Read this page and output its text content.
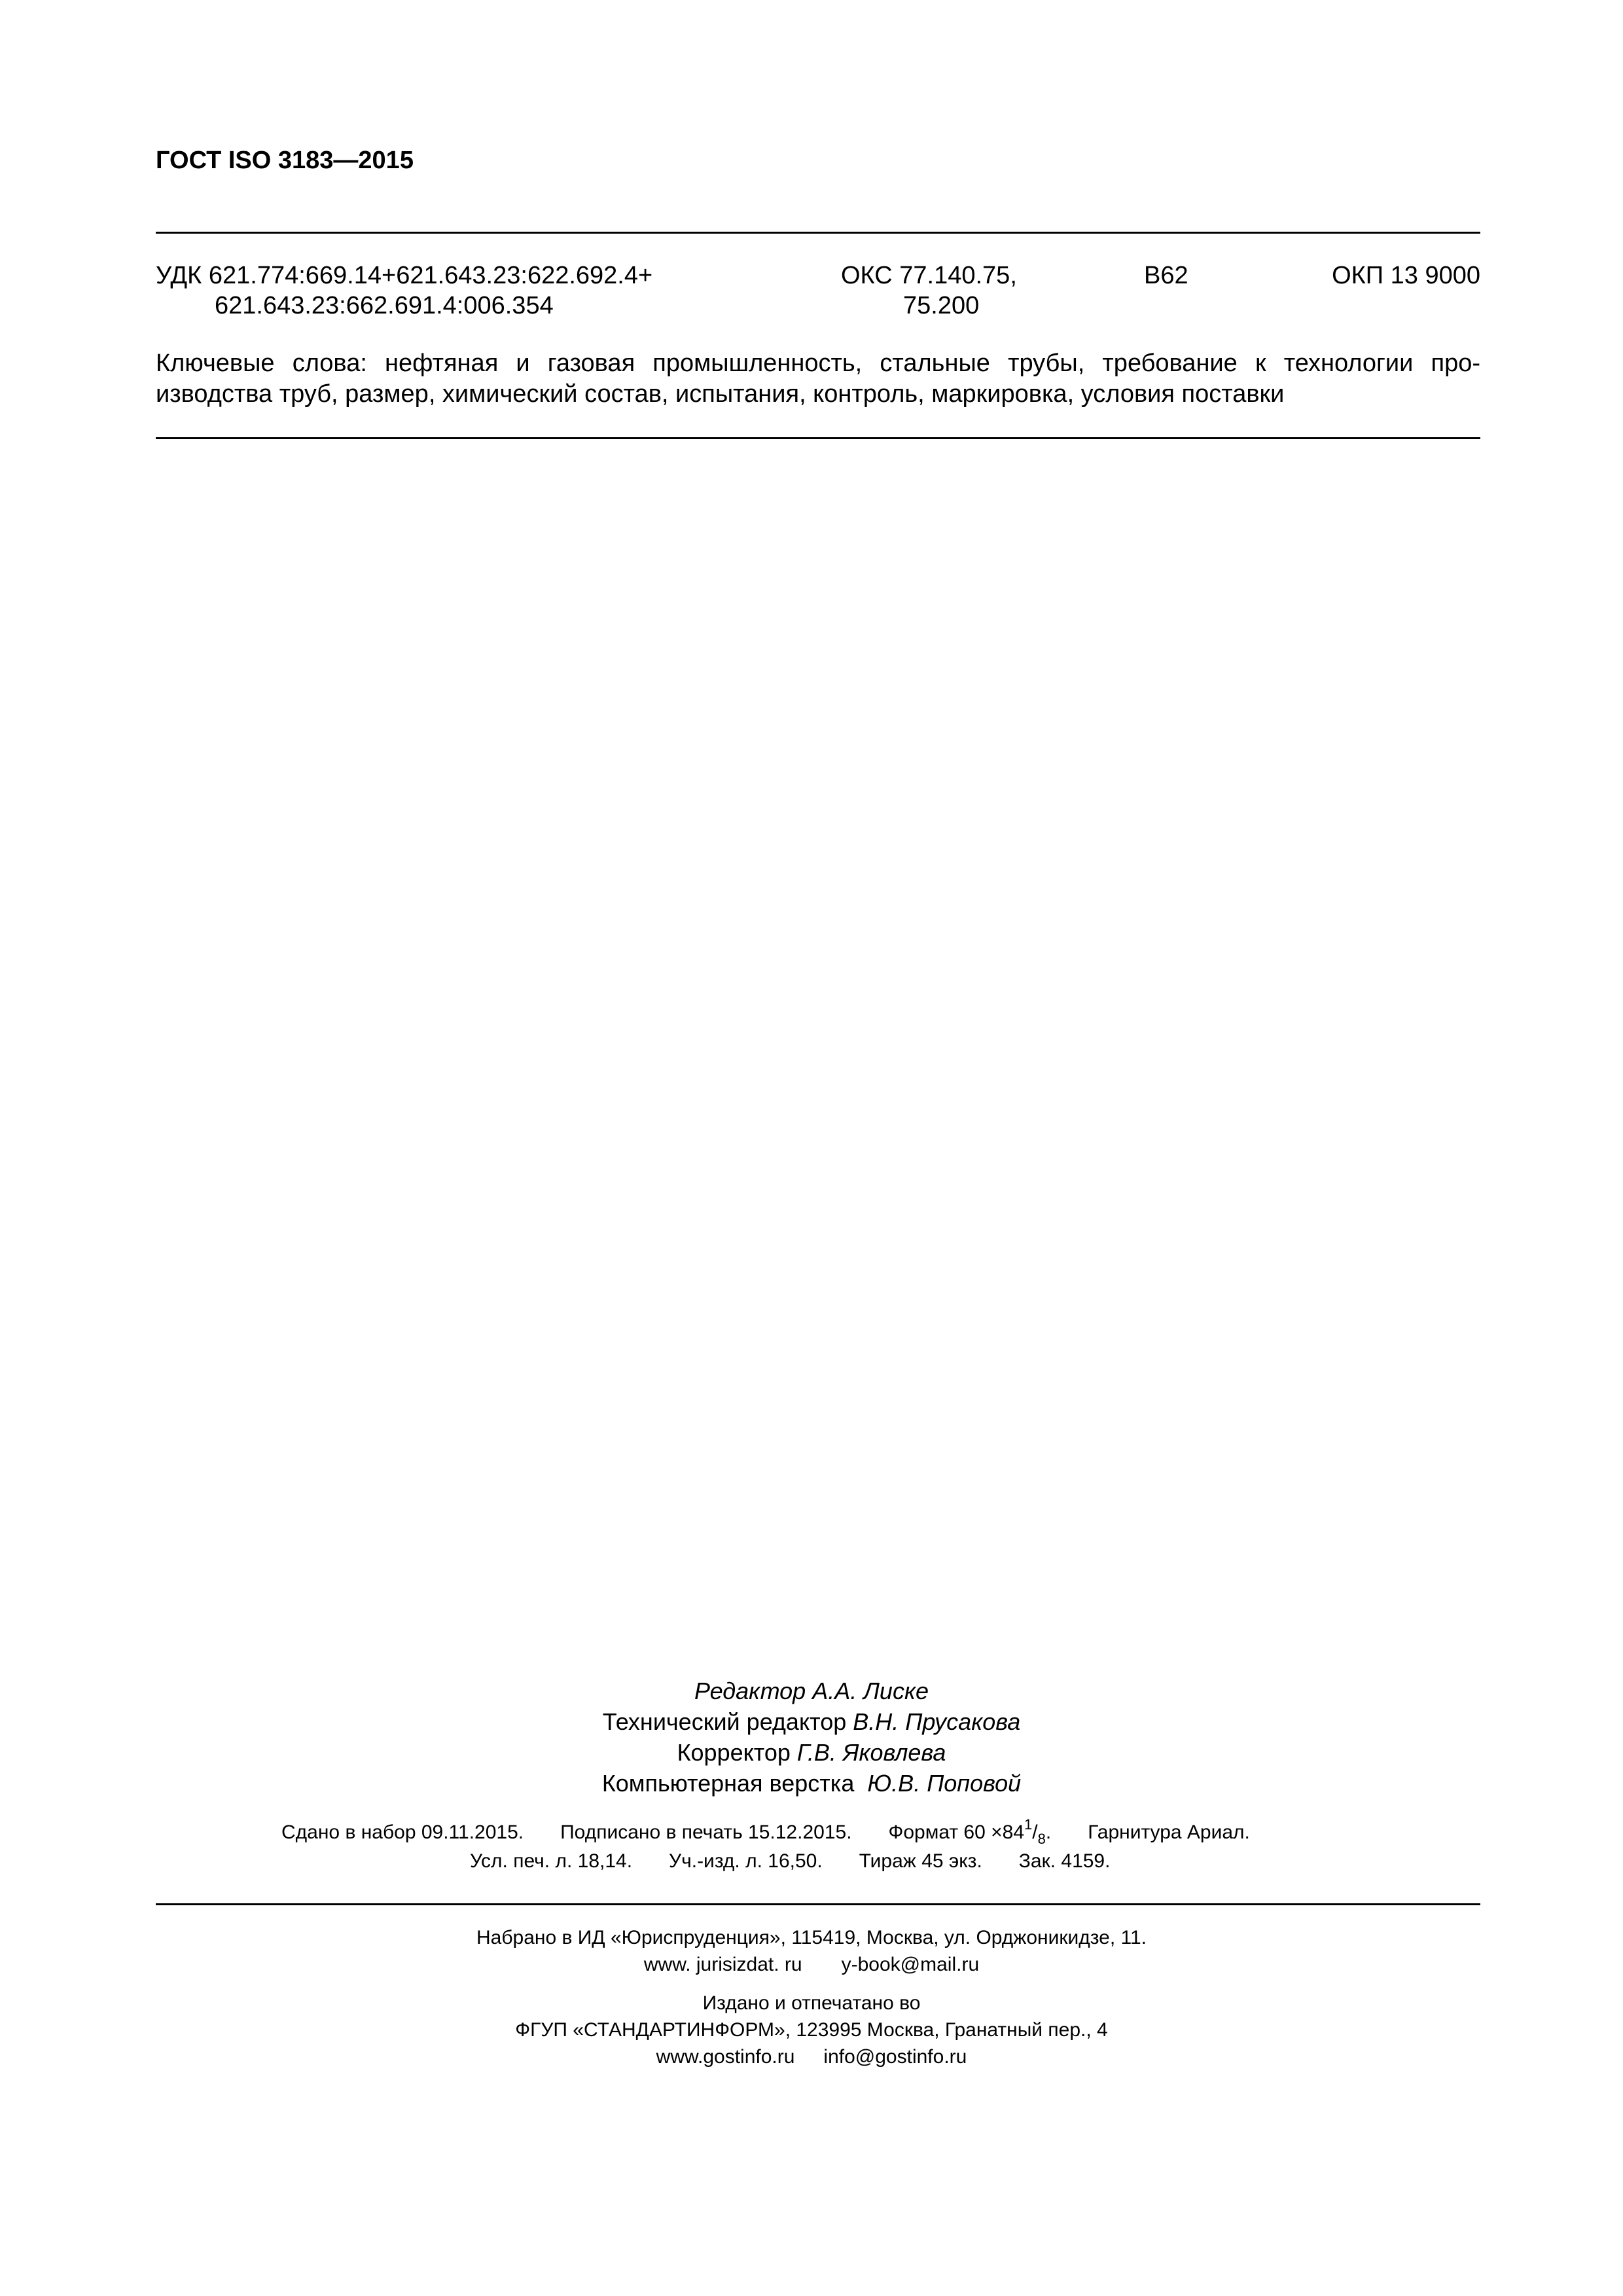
ГОСТ ISO 3183—2015
УДК 621.774:669.14+621.643.23:622.692.4+
621.643.23:662.691.4:006.354
ОКС 77.140.75,
75.200
В62	ОКП 13 9000
Ключевые слова: нефтяная и газовая промышленность, стальные трубы, требование к технологии про-
изводства труб, размер, химический состав, испытания, контроль, маркировка, условия поставки
Редактор А.А. Лиске
Технический редактор В.Н. Прусакова
Корректор Г.В. Яковлева
Компьютерная верстка Ю.В. Поповой
Сдано в набор 09.11.2015. Подписано в печать 15.12.2015. Формат $60 \times 84^1/_8$. Гарнитура Ариал.
Усл. печ. л. 18,14. Уч.-изд. л. 16,50. Тираж 45 экз. Зак. 4159.
Набрано в ИД «Юриспруденция», 115419, Москва, ул. Орджоникидзе, 11.
www. jurisizdat. ru y-book@mail.ru
Издано и отпечатано во
ФГУП «СТАНДАРТИНФОРМ», 123995 Москва, Гранатный пер., 4
www.gostinfo.ru info@gostinfo.ru
